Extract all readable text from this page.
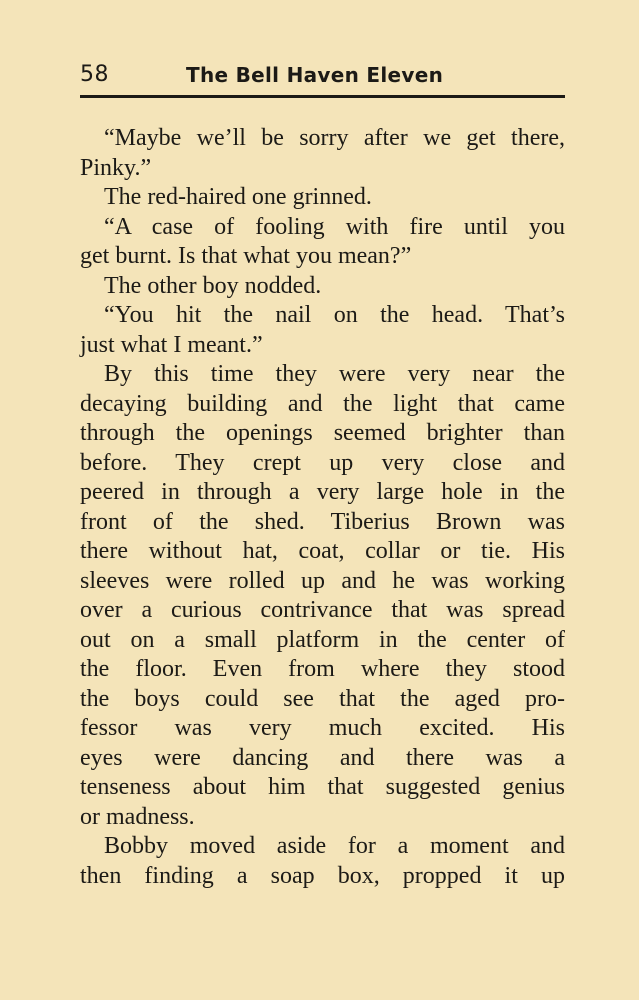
58	The Bell Haven Eleven
“Maybe we’ll be sorry after we get there,
Pinky.”
The red-haired one grinned.
“A case of fooling with fire until you
get burnt. Is that what you mean?”
The other boy nodded.
“You hit the nail on the head. That’s
just what I meant.”
By this time they were very near the
decaying building and the light that came
through the openings seemed brighter than
before. They crept up very close and
peered in through a very large hole in the
front of the shed. Tiberius Brown was
there without hat, coat, collar or tie. His
sleeves were rolled up and he was working
over a curious contrivance that was spread
out on a small platform in the center of
the floor. Even from where they stood
the boys could see that the aged pro-
fessor was very much excited. His
eyes were dancing and there was a
tenseness about him that suggested genius
or madness.
Bobby moved aside for a moment and
then finding a soap box, propped it up
